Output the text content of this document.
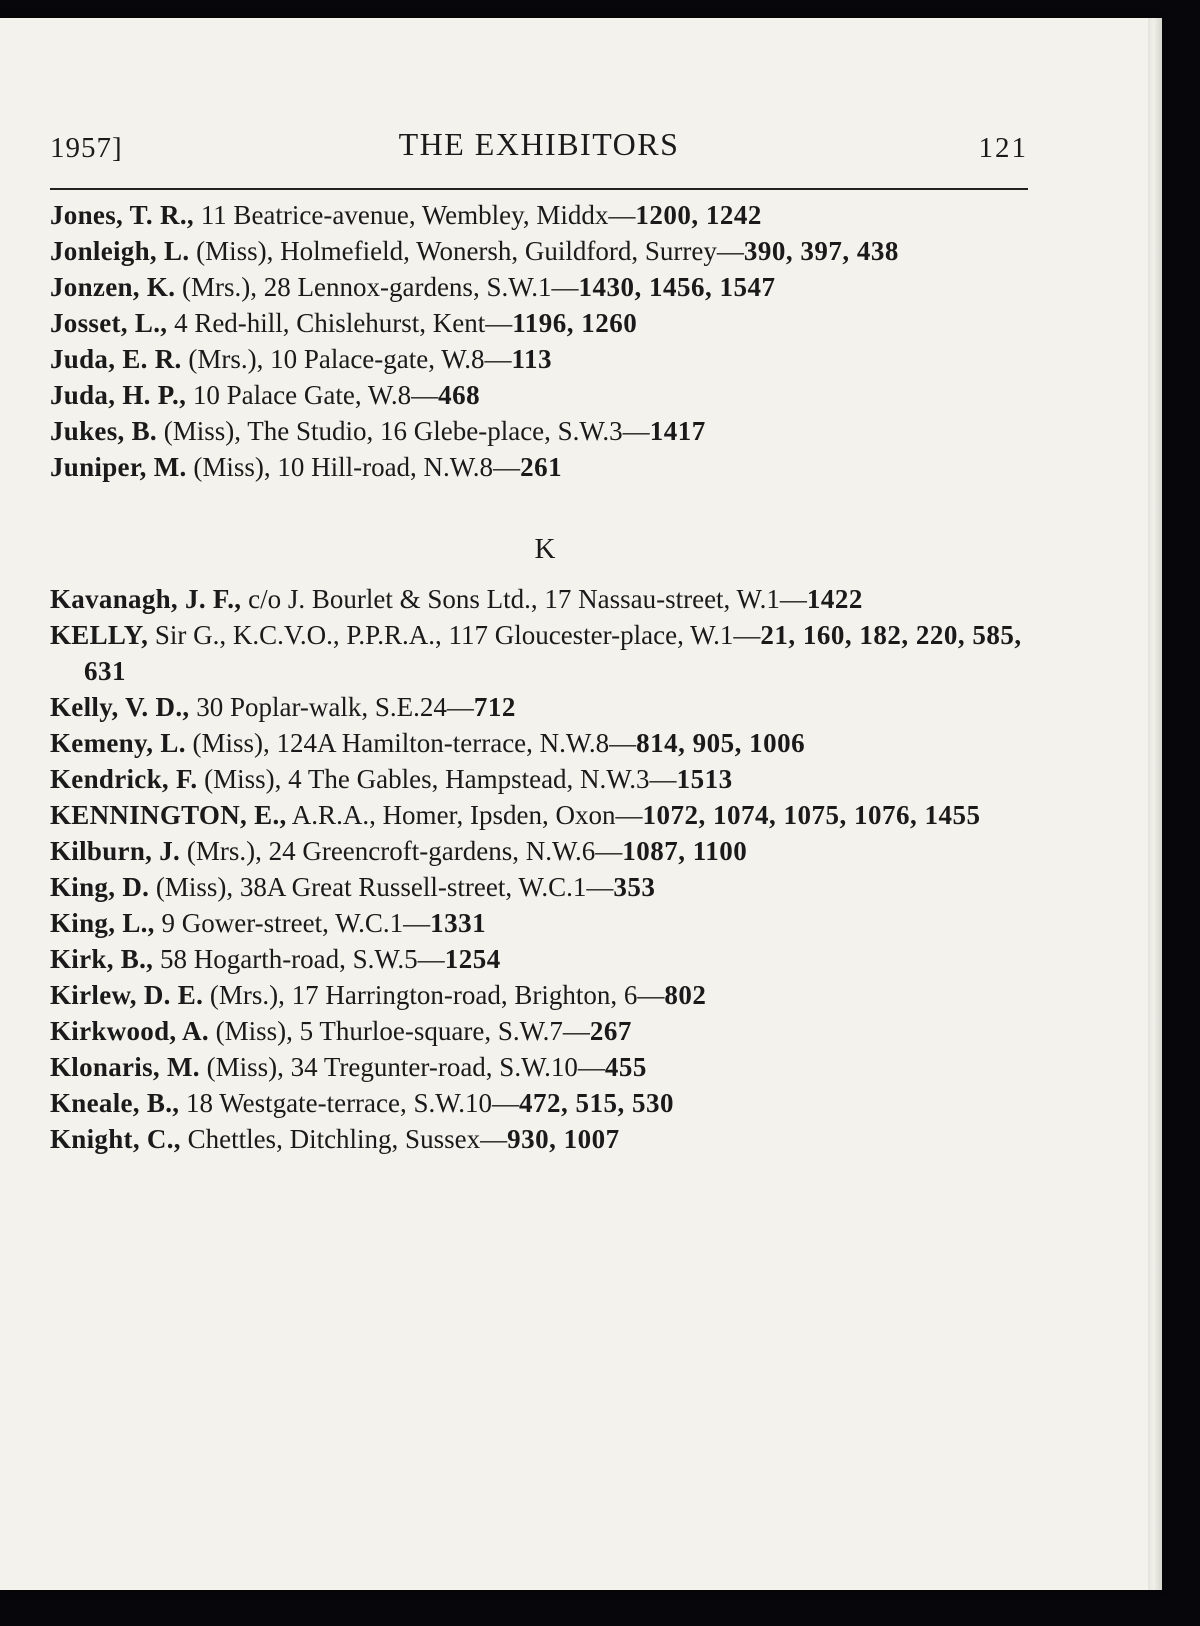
1957]	THE EXHIBITORS	121
Jones, T. R., 11 Beatrice-avenue, Wembley, Middx—1200, 1242
Jonleigh, L. (Miss), Holmefield, Wonersh, Guildford, Surrey—390, 397, 438
Jonzen, K. (Mrs.), 28 Lennox-gardens, S.W.1—1430, 1456, 1547
Josset, L., 4 Red-hill, Chislehurst, Kent—1196, 1260
Juda, E. R. (Mrs.), 10 Palace-gate, W.8—113
Juda, H. P., 10 Palace Gate, W.8—468
Jukes, B. (Miss), The Studio, 16 Glebe-place, S.W.3—1417
Juniper, M. (Miss), 10 Hill-road, N.W.8—261
K
Kavanagh, J. F., c/o J. Bourlet & Sons Ltd., 17 Nassau-street, W.1—1422
KELLY, Sir G., K.C.V.O., P.P.R.A., 117 Gloucester-place, W.1—21, 160, 182, 220, 585, 631
Kelly, V. D., 30 Poplar-walk, S.E.24—712
Kemeny, L. (Miss), 124A Hamilton-terrace, N.W.8—814, 905, 1006
Kendrick, F. (Miss), 4 The Gables, Hampstead, N.W.3—1513
KENNINGTON, E., A.R.A., Homer, Ipsden, Oxon—1072, 1074, 1075, 1076, 1455
Kilburn, J. (Mrs.), 24 Greencroft-gardens, N.W.6—1087, 1100
King, D. (Miss), 38A Great Russell-street, W.C.1—353
King, L., 9 Gower-street, W.C.1—1331
Kirk, B., 58 Hogarth-road, S.W.5—1254
Kirlew, D. E. (Mrs.), 17 Harrington-road, Brighton, 6—802
Kirkwood, A. (Miss), 5 Thurloe-square, S.W.7—267
Klonaris, M. (Miss), 34 Tregunter-road, S.W.10—455
Kneale, B., 18 Westgate-terrace, S.W.10—472, 515, 530
Knight, C., Chettles, Ditchling, Sussex—930, 1007
